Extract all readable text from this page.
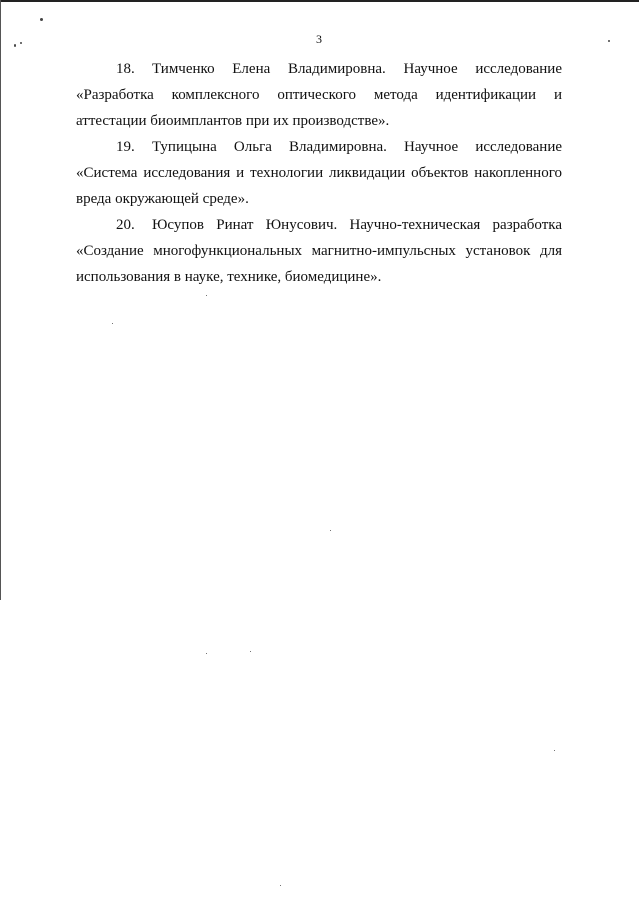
3

18. Тимченко Елена Владимировна. Научное исследование

«Разработка комплексного оптического метода идентификации и

аттестации биоимплантов при их производстве».

19. Тупицына Ольга Владимировна. Научное исследование

«Система исследования и технологии ликвидации объектов накопленного

вреда окружающей среде».

20. Юсупов Ринат Юнусович. Научно-техническая разработка

«Создание многофункциональных магнитно-импульсных установок для

использования в науке, технике, биомедицине».
